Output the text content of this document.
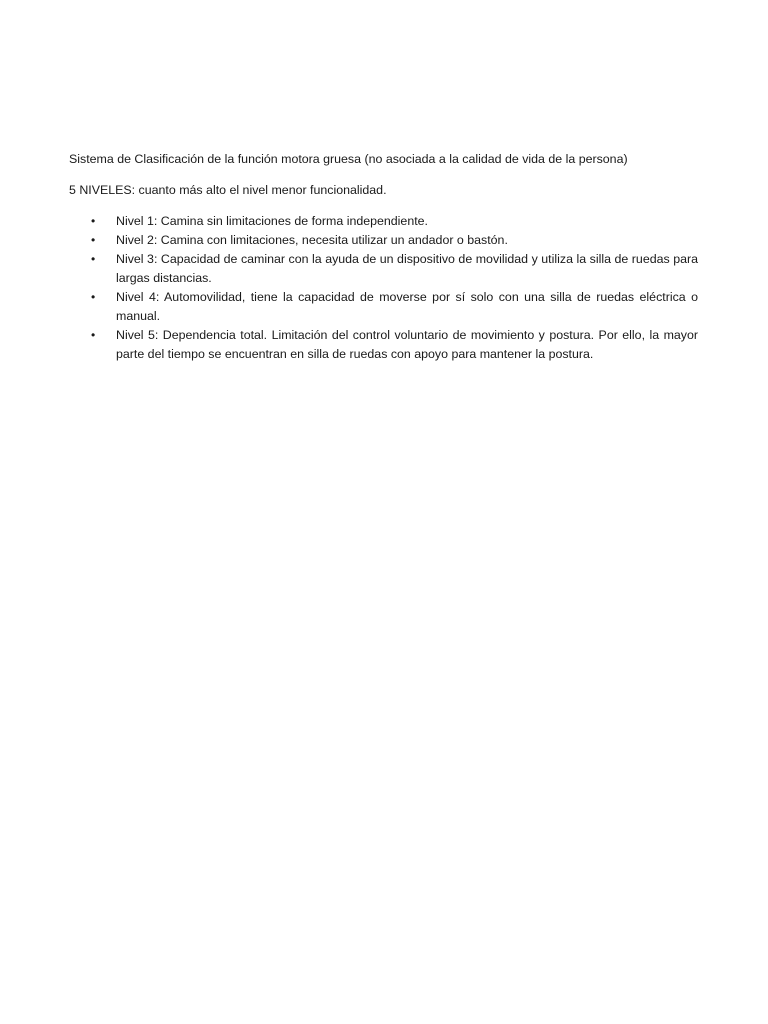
Sistema de Clasificación de la función motora gruesa (no asociada a la calidad de vida de la persona)

5 NIVELES: cuanto más alto el nivel menor funcionalidad.

• Nivel 1: Camina sin limitaciones de forma independiente.
• Nivel 2: Camina con limitaciones, necesita utilizar un andador o bastón.
• Nivel 3: Capacidad de caminar con la ayuda de un dispositivo de movilidad y utiliza la silla de ruedas para largas distancias.
• Nivel 4: Automovilidad, tiene la capacidad de moverse por sí solo con una silla de ruedas eléctrica o manual.
• Nivel 5: Dependencia total. Limitación del control voluntario de movimiento y postura. Por ello, la mayor parte del tiempo se encuentran en silla de ruedas con apoyo para mantener la postura.
